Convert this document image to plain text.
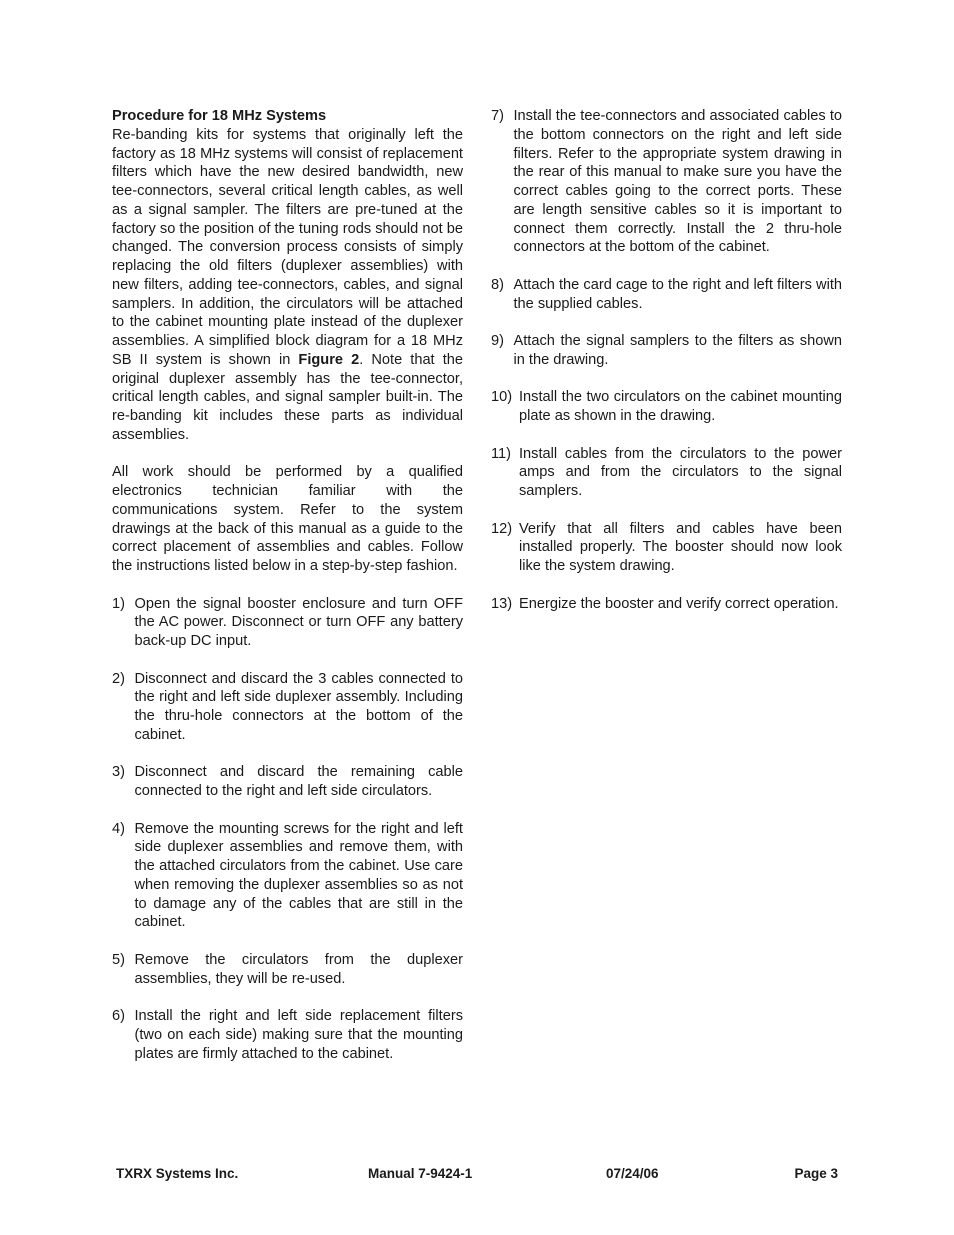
Procedure for 18 MHz Systems

Re-banding kits for systems that originally left the factory as 18 MHz systems will consist of replacement filters which have the new desired bandwidth, new tee-connectors, several critical length cables, as well as a signal sampler. The filters are pre-tuned at the factory so the position of the tuning rods should not be changed. The conversion process consists of simply replacing the old filters (duplexer assemblies) with new filters, adding tee-connectors, cables, and signal samplers. In addition, the circulators will be attached to the cabinet mounting plate instead of the duplexer assemblies. A simplified block diagram for a 18 MHz SB II system is shown in Figure 2. Note that the original duplexer assembly has the tee-connector, critical length cables, and signal sampler built-in. The re-banding kit includes these parts as individual assemblies.

All work should be performed by a qualified electronics technician familiar with the communications system. Refer to the system drawings at the back of this manual as a guide to the correct placement of assemblies and cables. Follow the instructions listed below in a step-by-step fashion.

1) Open the signal booster enclosure and turn OFF the AC power. Disconnect or turn OFF any battery back-up DC input.
2) Disconnect and discard the 3 cables connected to the right and left side duplexer assembly. Including the thru-hole connectors at the bottom of the cabinet.
3) Disconnect and discard the remaining cable connected to the right and left side circulators.
4) Remove the mounting screws for the right and left side duplexer assemblies and remove them, with the attached circulators from the cabinet. Use care when removing the duplexer assemblies so as not to damage any of the cables that are still in the cabinet.
5) Remove the circulators from the duplexer assemblies, they will be re-used.
6) Install the right and left side replacement filters (two on each side) making sure that the mounting plates are firmly attached to the cabinet.
7) Install the tee-connectors and associated cables to the bottom connectors on the right and left side filters. Refer to the appropriate system drawing in the rear of this manual to make sure you have the correct cables going to the correct ports. These are length sensitive cables so it is important to connect them correctly. Install the 2 thru-hole connectors at the bottom of the cabinet.
8) Attach the card cage to the right and left filters with the supplied cables.
9) Attach the signal samplers to the filters as shown in the drawing.
10) Install the two circulators on the cabinet mounting plate as shown in the drawing.
11) Install cables from the circulators to the power amps and from the circulators to the signal samplers.
12) Verify that all filters and cables have been installed properly. The booster should now look like the system drawing.
13) Energize the booster and verify correct operation.
TXRX Systems Inc.	Manual 7-9424-1	07/24/06	Page 3
